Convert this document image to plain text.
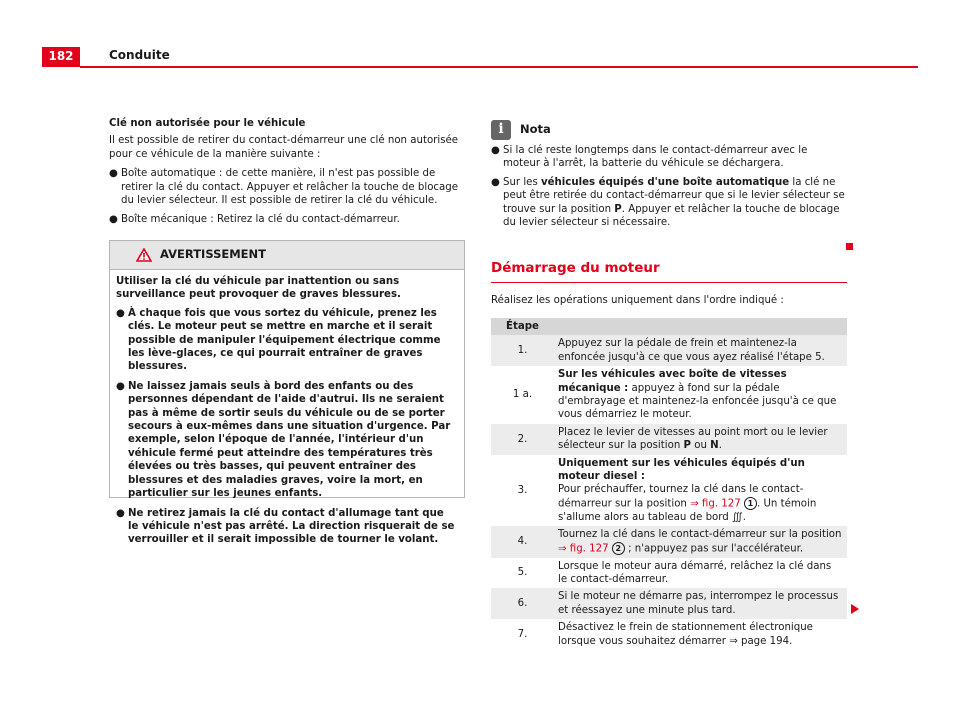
182	Conduite
Clé non autorisée pour le véhicule

Il est possible de retirer du contact-démarreur une clé non autorisée pour ce véhicule de la manière suivante :

● Boîte automatique : de cette manière, il n'est pas possible de retirer la clé du contact. Appuyer et relâcher la touche de blocage du levier sélecteur. Il est possible de retirer la clé du véhicule.
● Boîte mécanique : Retirez la clé du contact-démarreur.
AVERTISSEMENT

Utiliser la clé du véhicule par inattention ou sans surveillance peut provoquer de graves blessures.

● À chaque fois que vous sortez du véhicule, prenez les clés. Le moteur peut se mettre en marche et il serait possible de manipuler l'équipement électrique comme les lève-glaces, ce qui pourrait entraîner de graves blessures.
● Ne laissez jamais seuls à bord des enfants ou des personnes dépendant de l'aide d'autrui. Ils ne seraient pas à même de sortir seuls du véhicule ou de se porter secours à eux-mêmes dans une situation d'urgence. Par exemple, selon l'époque de l'année, l'intérieur d'un véhicule fermé peut atteindre des températures très élevées ou très basses, qui peuvent entraîner des blessures et des maladies graves, voire la mort, en particulier sur les jeunes enfants.
● Ne retirez jamais la clé du contact d'allumage tant que le véhicule n'est pas arrêté. La direction risquerait de se verrouiller et il serait impossible de tourner le volant.
i	Nota
● Si la clé reste longtemps dans le contact-démarreur avec le moteur à l'arrêt, la batterie du véhicule se déchargera.
● Sur les véhicules équipés d'une boîte automatique la clé ne peut être retirée du contact-démarreur que si le levier sélecteur se trouve sur la position P. Appuyer et relâcher la touche de blocage du levier sélecteur si nécessaire.
Démarrage du moteur
Réalisez les opérations uniquement dans l'ordre indiqué :
Étape	
1.	Appuyez sur la pédale de frein et maintenez-la enfoncée jusqu'à ce que vous ayez réalisé l'étape 5.
1 a.	Sur les véhicules avec boîte de vitesses mécanique : appuyez à fond sur la pédale d'embrayage et maintenez-la enfoncée jusqu'à ce que vous démarriez le moteur.
2.	Placez le levier de vitesses au point mort ou le levier sélecteur sur la position P ou N.
3.	Uniquement sur les véhicules équipés d'un moteur diesel :
Pour préchauffer, tournez la clé dans le contact-démarreur sur la position ⇒ fig. 127 1 . Un témoin s'allume alors au tableau de bord ∭.
4.	Tournez la clé dans le contact-démarreur sur la position
⇒ fig. 127 2 ; n'appuyez pas sur l'accélérateur.
5.	Lorsque le moteur aura démarré, relâchez la clé dans le contact-démarreur.
6.	Si le moteur ne démarre pas, interrompez le processus et réessayez une minute plus tard.
7.	Désactivez le frein de stationnement électronique lorsque vous souhaitez démarrer ⇒ page 194.
